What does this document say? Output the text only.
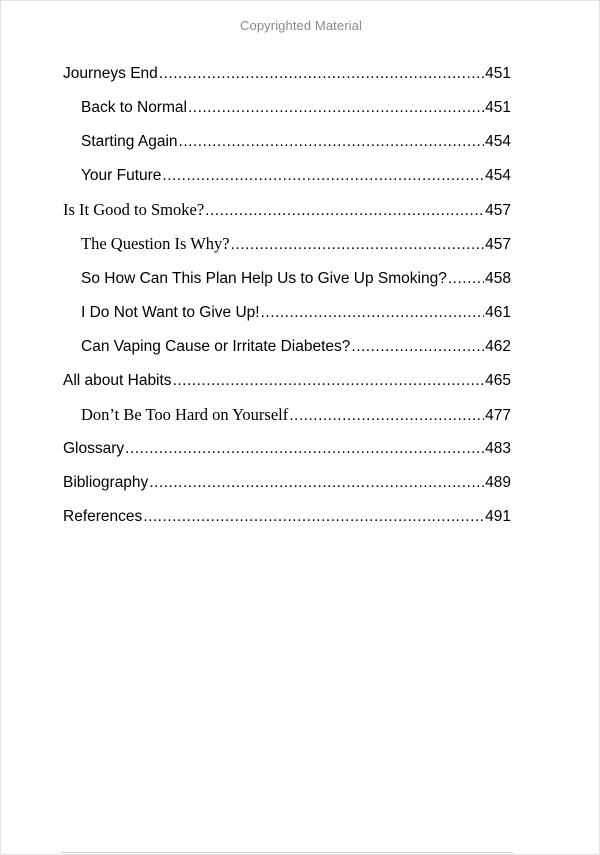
Copyrighted Material
Journeys End .....	451
Back to Normal .....	451
Starting Again .....	454
Your Future .....	454
Is It Good to Smoke? .....	457
The Question Is Why? .....	457
So How Can This Plan Help Us to Give Up Smoking? ..... 458
I Do Not Want to Give Up! .....	461
Can Vaping Cause or Irritate Diabetes? .....	462
All about Habits .....	465
Don’t Be Too Hard on Yourself .....	477
Glossary .....	483
Bibliography .....	489
References .....	491
